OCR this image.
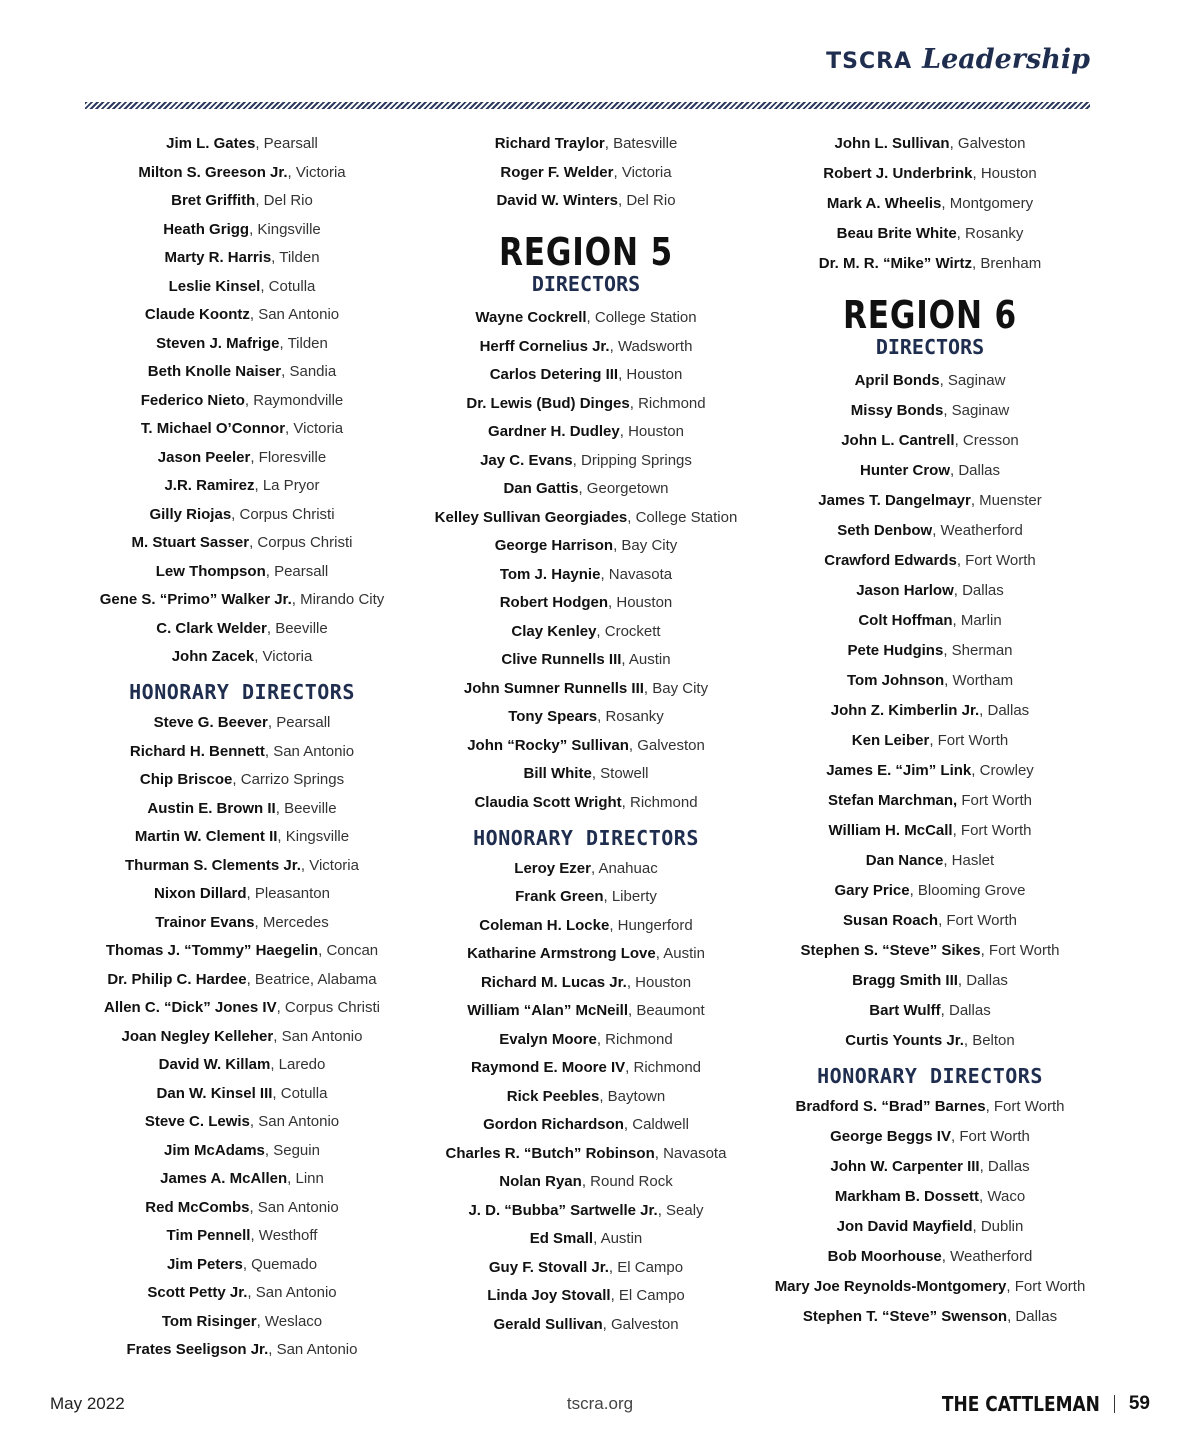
TSCRA Leadership
Jim L. Gates, Pearsall
Milton S. Greeson Jr., Victoria
Bret Griffith, Del Rio
Heath Grigg, Kingsville
Marty R. Harris, Tilden
Leslie Kinsel, Cotulla
Claude Koontz, San Antonio
Steven J. Mafrige, Tilden
Beth Knolle Naiser, Sandia
Federico Nieto, Raymondville
T. Michael O’Connor, Victoria
Jason Peeler, Floresville
J.R. Ramirez, La Pryor
Gilly Riojas, Corpus Christi
M. Stuart Sasser, Corpus Christi
Lew Thompson, Pearsall
Gene S. “Primo” Walker Jr., Mirando City
C. Clark Welder, Beeville
John Zacek, Victoria
HONORARY DIRECTORS
Steve G. Beever, Pearsall
Richard H. Bennett, San Antonio
Chip Briscoe, Carrizo Springs
Austin E. Brown II, Beeville
Martin W. Clement II, Kingsville
Thurman S. Clements Jr., Victoria
Nixon Dillard, Pleasanton
Trainor Evans, Mercedes
Thomas J. “Tommy” Haegelin, Concan
Dr. Philip C. Hardee, Beatrice, Alabama
Allen C. “Dick” Jones IV, Corpus Christi
Joan Negley Kelleher, San Antonio
David W. Killam, Laredo
Dan W. Kinsel III, Cotulla
Steve C. Lewis, San Antonio
Jim McAdams, Seguin
James A. McAllen, Linn
Red McCombs, San Antonio
Tim Pennell, Westhoff
Jim Peters, Quemado
Scott Petty Jr., San Antonio
Tom Risinger, Weslaco
Frates Seeligson Jr., San Antonio
Richard Traylor, Batesville
Roger F. Welder, Victoria
David W. Winters, Del Rio
REGION 5
DIRECTORS
Wayne Cockrell, College Station
Herff Cornelius Jr., Wadsworth
Carlos Detering III, Houston
Dr. Lewis (Bud) Dinges, Richmond
Gardner H. Dudley, Houston
Jay C. Evans, Dripping Springs
Dan Gattis, Georgetown
Kelley Sullivan Georgiades, College Station
George Harrison, Bay City
Tom J. Haynie, Navasota
Robert Hodgen, Houston
Clay Kenley, Crockett
Clive Runnells III, Austin
John Sumner Runnells III, Bay City
Tony Spears, Rosanky
John “Rocky” Sullivan, Galveston
Bill White, Stowell
Claudia Scott Wright, Richmond
HONORARY DIRECTORS
Leroy Ezer, Anahuac
Frank Green, Liberty
Coleman H. Locke, Hungerford
Katharine Armstrong Love, Austin
Richard M. Lucas Jr., Houston
William “Alan” McNeill, Beaumont
Evalyn Moore, Richmond
Raymond E. Moore IV, Richmond
Rick Peebles, Baytown
Gordon Richardson, Caldwell
Charles R. “Butch” Robinson, Navasota
Nolan Ryan, Round Rock
J. D. “Bubba” Sartwelle Jr., Sealy
Ed Small, Austin
Guy F. Stovall Jr., El Campo
Linda Joy Stovall, El Campo
Gerald Sullivan, Galveston
John L. Sullivan, Galveston
Robert J. Underbrink, Houston
Mark A. Wheelis, Montgomery
Beau Brite White, Rosanky
Dr. M. R. “Mike” Wirtz, Brenham
REGION 6
DIRECTORS
April Bonds, Saginaw
Missy Bonds, Saginaw
John L. Cantrell, Cresson
Hunter Crow, Dallas
James T. Dangelmayr, Muenster
Seth Denbow, Weatherford
Crawford Edwards, Fort Worth
Jason Harlow, Dallas
Colt Hoffman, Marlin
Pete Hudgins, Sherman
Tom Johnson, Wortham
John Z. Kimberlin Jr., Dallas
Ken Leiber, Fort Worth
James E. “Jim” Link, Crowley
Stefan Marchman, Fort Worth
William H. McCall, Fort Worth
Dan Nance, Haslet
Gary Price, Blooming Grove
Susan Roach, Fort Worth
Stephen S. “Steve” Sikes, Fort Worth
Bragg Smith III, Dallas
Bart Wulff, Dallas
Curtis Younts Jr., Belton
HONORARY DIRECTORS
Bradford S. “Brad” Barnes, Fort Worth
George Beggs IV, Fort Worth
John W. Carpenter III, Dallas
Markham B. Dossett, Waco
Jon David Mayfield, Dublin
Bob Moorhouse, Weatherford
Mary Joe Reynolds-Montgomery, Fort Worth
Stephen T. “Steve” Swenson, Dallas
May 2022	tscra.org	THE CATTLEMAN 59
